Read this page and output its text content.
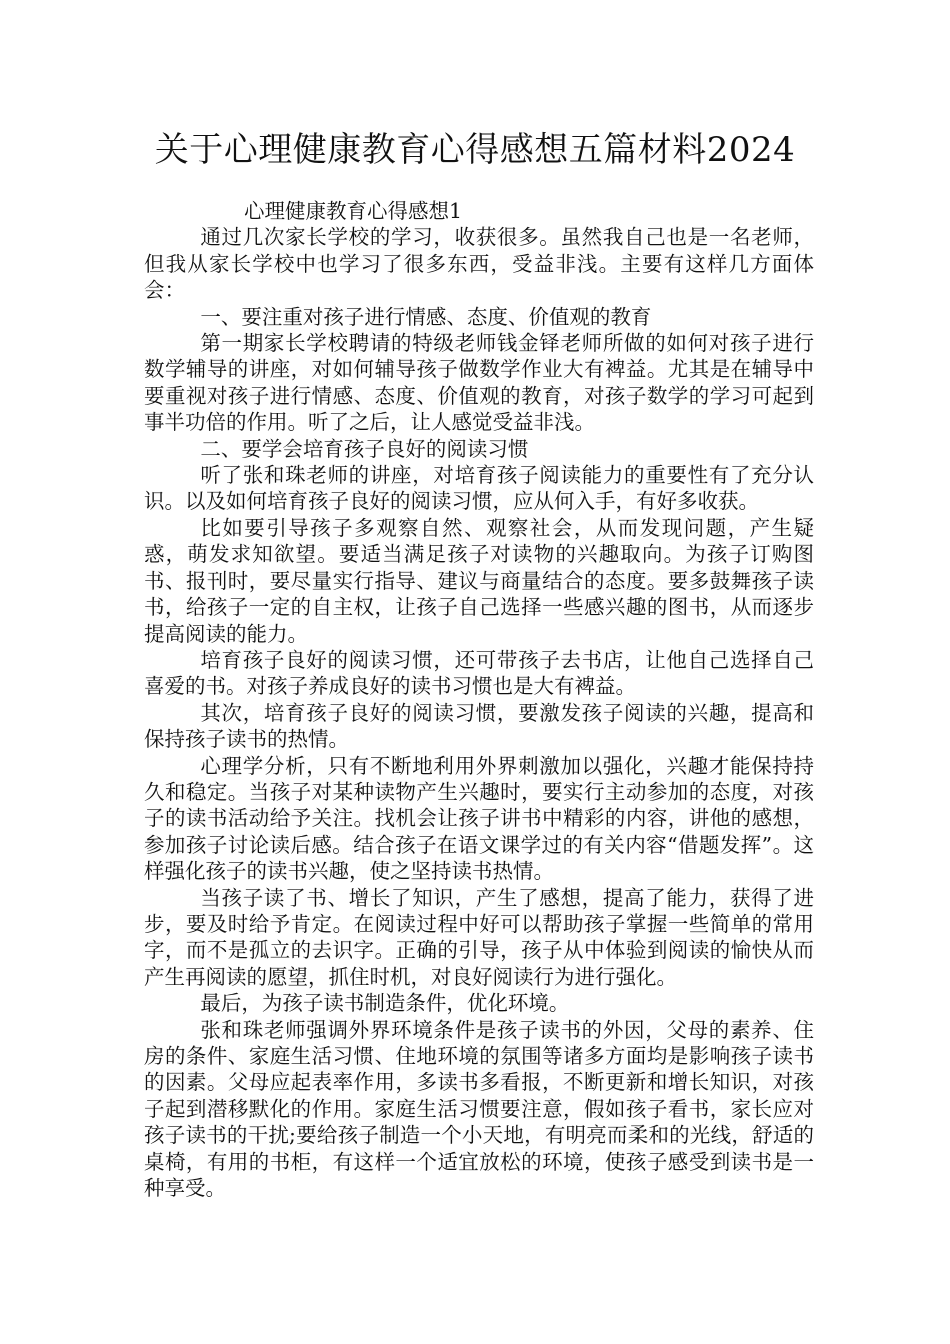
关于心理健康教育心得感想五篇材料2024

心理健康教育心得感想1

通过几次家长学校的学习，收获很多。虽然我自己也是一名老师，但我从家长学校中也学习了很多东西，受益非浅。主要有这样几方面体会：

一、要注重对孩子进行情感、态度、价值观的教育

第一期家长学校聘请的特级老师钱金铎老师所做的如何对孩子进行数学辅导的讲座，对如何辅导孩子做数学作业大有裨益。尤其是在辅导中要重视对孩子进行情感、态度、价值观的教育，对孩子数学的学习可起到事半功倍的作用。听了之后，让人感觉受益非浅。

二、要学会培育孩子良好的阅读习惯

听了张和珠老师的讲座，对培育孩子阅读能力的重要性有了充分认识。以及如何培育孩子良好的阅读习惯，应从何入手，有好多收获。

比如要引导孩子多观察自然、观察社会，从而发现问题，产生疑惑，萌发求知欲望。要适当满足孩子对读物的兴趣取向。为孩子订购图书、报刊时，要尽量实行指导、建议与商量结合的态度。要多鼓舞孩子读书，给孩子一定的自主权，让孩子自己选择一些感兴趣的图书，从而逐步提高阅读的能力。

培育孩子良好的阅读习惯，还可带孩子去书店，让他自己选择自己喜爱的书。对孩子养成良好的读书习惯也是大有裨益。

其次，培育孩子良好的阅读习惯，要激发孩子阅读的兴趣，提高和保持孩子读书的热情。

心理学分析，只有不断地利用外界刺激加以强化，兴趣才能保持持久和稳定。当孩子对某种读物产生兴趣时，要实行主动参加的态度，对孩子的读书活动给予关注。找机会让孩子讲书中精彩的内容，讲他的感想，参加孩子讨论读后感。结合孩子在语文课学过的有关内容“借题发挥”。这样强化孩子的读书兴趣，使之坚持读书热情。

当孩子读了书、增长了知识，产生了感想，提高了能力，获得了进步，要及时给予肯定。在阅读过程中好可以帮助孩子掌握一些简单的常用字，而不是孤立的去识字。正确的引导，孩子从中体验到阅读的愉快从而产生再阅读的愿望，抓住时机，对良好阅读行为进行强化。

最后，为孩子读书制造条件，优化环境。

张和珠老师强调外界环境条件是孩子读书的外因，父母的素养、住房的条件、家庭生活习惯、住地环境的氛围等诸多方面均是影响孩子读书的因素。父母应起表率作用，多读书多看报，不断更新和增长知识，对孩子起到潜移默化的作用。家庭生活习惯要注意，假如孩子看书，家长应对孩子读书的干扰;要给孩子制造一个小天地，有明亮而柔和的光线，舒适的桌椅，有用的书柜，有这样一个适宜放松的环境，使孩子感受到读书是一种享受。
